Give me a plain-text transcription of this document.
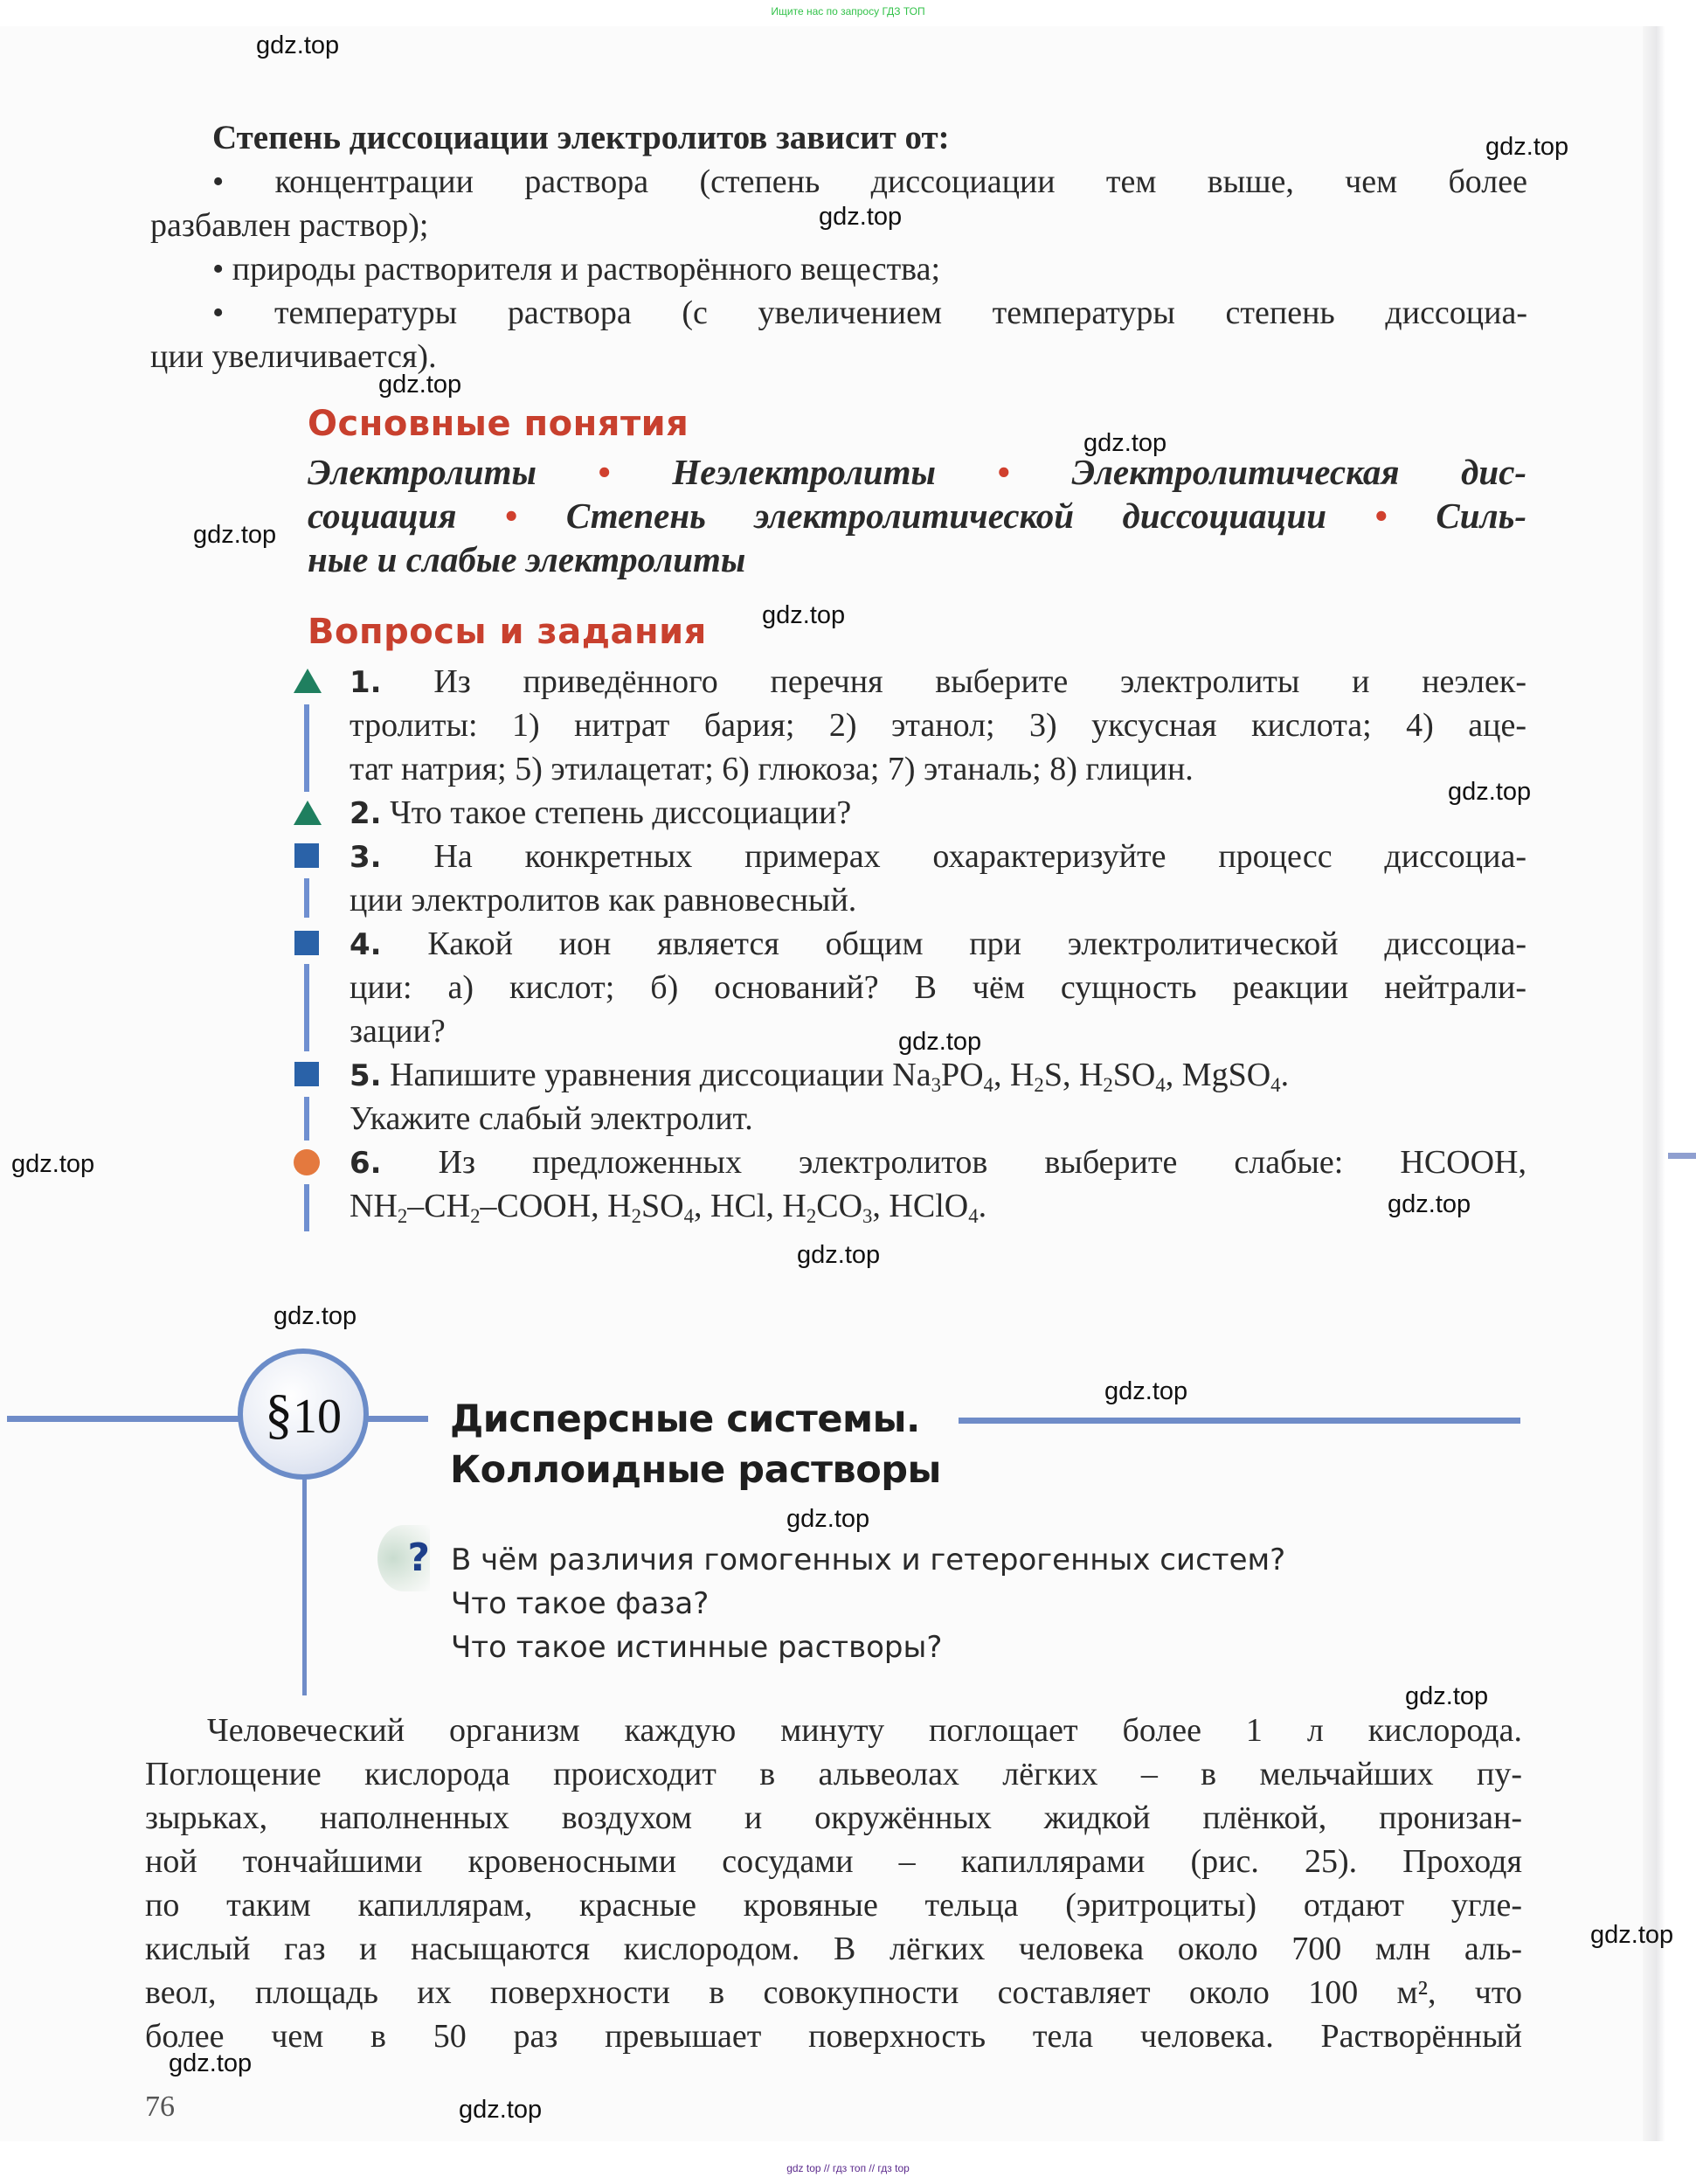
Ищите нас по запросу ГДЗ ТОП
Степень диссоциации электролитов зависит от:
• концентрации раствора (степень диссоциации тем выше, чем более
разбавлен раствор);
• природы растворителя и растворённого вещества;
• температуры раствора (с увеличением температуры степень диссоциа-
ции увеличивается).
Основные понятия
Электролиты • Неэлектролиты • Электролитическая дис-
социация • Степень электролитической диссоциации • Силь-
ные и слабые электролиты
Вопросы и задания
1. Из приведённого перечня выберите электролиты и неэлек-
тролиты: 1) нитрат бария; 2) этанол; 3) уксусная кислота; 4) аце-
тат натрия; 5) этилацетат; 6) глюкоза; 7) этаналь; 8) глицин.
2. Что такое степень диссоциации?
3. На конкретных примерах охарактеризуйте процесс диссоциа-
ции электролитов как равновесный.
4. Какой ион является общим при электролитической диссоциа-
ции: а) кислот; б) оснований? В чём сущность реакции нейтрали-
зации?
5. Напишите уравнения диссоциации $Na_3PO_4$, $H_2S$, $H_2SO_4$, MgSO$_4$.
Укажите слабый электролит.
6. Из предложенных электролитов выберите слабые: HCOOH,
$NH_2-CH_2$–COOH, $H_2SO_4$, HCl, $H_2CO_3$, HClO$_4$.
§10	Дисперсные системы.
Коллоидные растворы
? В чём различия гомогенных и гетерогенных систем?
Что такое фаза?
Что такое истинные растворы?
Человеческий организм каждую минуту поглощает более 1 л кислорода.
Поглощение кислорода происходит в альвеолах лёгких – в мельчайших пу-
зырьках, наполненных воздухом и окружённых жидкой плёнкой, пронизан-
ной тончайшими кровеносными сосудами – капиллярами (рис. 25). Проходя
по таким капиллярам, красные кровяные тельца (эритроциты) отдают угле-
кислый газ и насыщаются кислородом. В лёгких человека около 700 млн аль-
веол, площадь их поверхности в совокупности составляет около 100 м², что
более чем в 50 раз превышает поверхность тела человека. Растворённый
76
gdz.top
gdz.top
gdz.top
gdz.top
gdz.top
gdz.top
gdz.top
gdz.top
gdz.top
gdz.top
gdz.top
gdz.top
gdz.top
gdz.top
gdz.top
gdz.top
gdz.top
gdz.top
gdz.top
gdz top // гдз топ // гдз top
